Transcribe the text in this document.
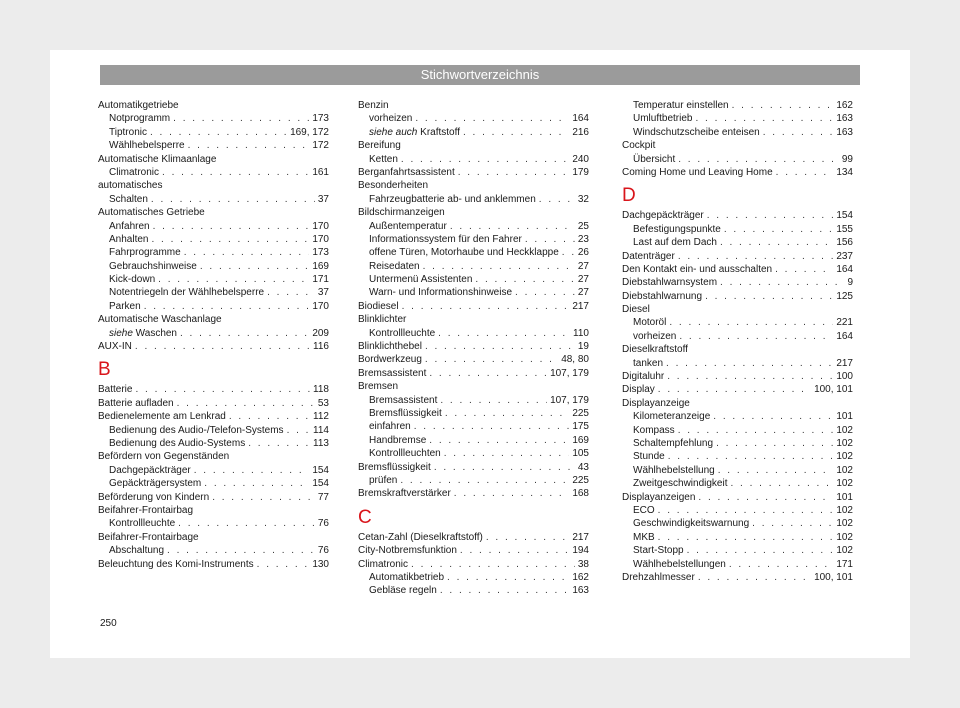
Stichwortverzeichnis
Automatikgetriebe
Notprogramm . . .	173
Tiptronic . . .	169, 172
Wählhebelsperre . . .	172
Automatische Klimaanlage
Climatronic . . .	161
automatisches
Schalten . . .	37
Automatisches Getriebe
Anfahren . . .	170
Anhalten . . .	170
Fahrprogramme . . .	173
Gebrauchshinweise . . .	169
Kick-down . . .	171
Notentriegeln der Wählhebelsperre . . .	37
Parken . . .	170
Automatische Waschanlage
siehe Waschen . . .	209
AUX-IN . . .	116
B
Batterie . . .	118
Batterie aufladen . . .	53
Bedienelemente am Lenkrad . . .	112
Bedienung des Audio-/Telefon-Systems . . .	114
Bedienung des Audio-Systems . . .	113
Befördern von Gegenständen
Dachgepäckträger . . .	154
Gepäckträgersystem . . .	154
Beförderung von Kindern . . .	77
Beifahrer-Frontairbag
Kontrollleuchte . . .	76
Beifahrer-Frontairbage
Abschaltung . . .	76
Beleuchtung des Komi-Instruments . . .	130
Benzin
vorheizen . . .	164
siehe auch Kraftstoff . . .	216
Bereifung
Ketten . . .	240
Berganfahrtsassistent . . .	179
Besonderheiten
Fahrzeugbatterie ab- und anklemmen . . .	32
Bildschirmanzeigen
Außentemperatur . . .	25
Informationssystem für den Fahrer . . .	23
offene Türen, Motorhaube und Heckklappe . . . 26
Reisedaten . . .	27
Untermenü Assistenten . . .	27
Warn- und Informationshinweise . . .	27
Biodiesel . . .	217
Blinklichter
Kontrollleuchte . . .	110
Blinklichthebel . . .	19
Bordwerkzeug . . .	48, 80
Bremsassistent . . .	107, 179
Bremsen
Bremsassistent . . .	107, 179
Bremsflüssigkeit . . .	225
einfahren . . .	175
Handbremse . . .	169
Kontrollleuchten . . .	105
Bremsflüssigkeit . . .	43
prüfen . . .	225
Bremskraftverstärker . . .	168
C
Cetan-Zahl (Dieselkraftstoff) . . .	217
City-Notbremsfunktion . . .	194
Climatronic . . .	38
Automatikbetrieb . . .	162
Gebläse regeln . . .	163
Temperatur einstellen . . .	162
Umluftbetrieb . . .	163
Windschutzscheibe enteisen . . .	163
Cockpit
Übersicht . . .	99
Coming Home und Leaving Home . . .	134
D
Dachgepäckträger . . .	154
Befestigungspunkte . . .	155
Last auf dem Dach . . .	156
Datenträger . . .	237
Den Kontakt ein- und ausschalten . . .	164
Diebstahlwarnsystem . . .	9
Diebstahlwarnung . . .	125
Diesel
Motoröl . . .	221
vorheizen . . .	164
Dieselkraftstoff
tanken . . .	217
Digitaluhr . . .	100
Display . . .	100, 101
Displayanzeige
Kilometeranzeige . . .	101
Kompass . . .	102
Schaltempfehlung . . .	102
Stunde . . .	102
Wählhebelstellung . . .	102
Zweitgeschwindigkeit . . .	102
Displayanzeigen . . .	101
ECO . . .	102
Geschwindigkeitswarnung . . .	102
MKB . . .	102
Start-Stopp . . .	102
Wählhebelstellungen . . .	171
Drehzahlmesser . . .	100, 101
250
